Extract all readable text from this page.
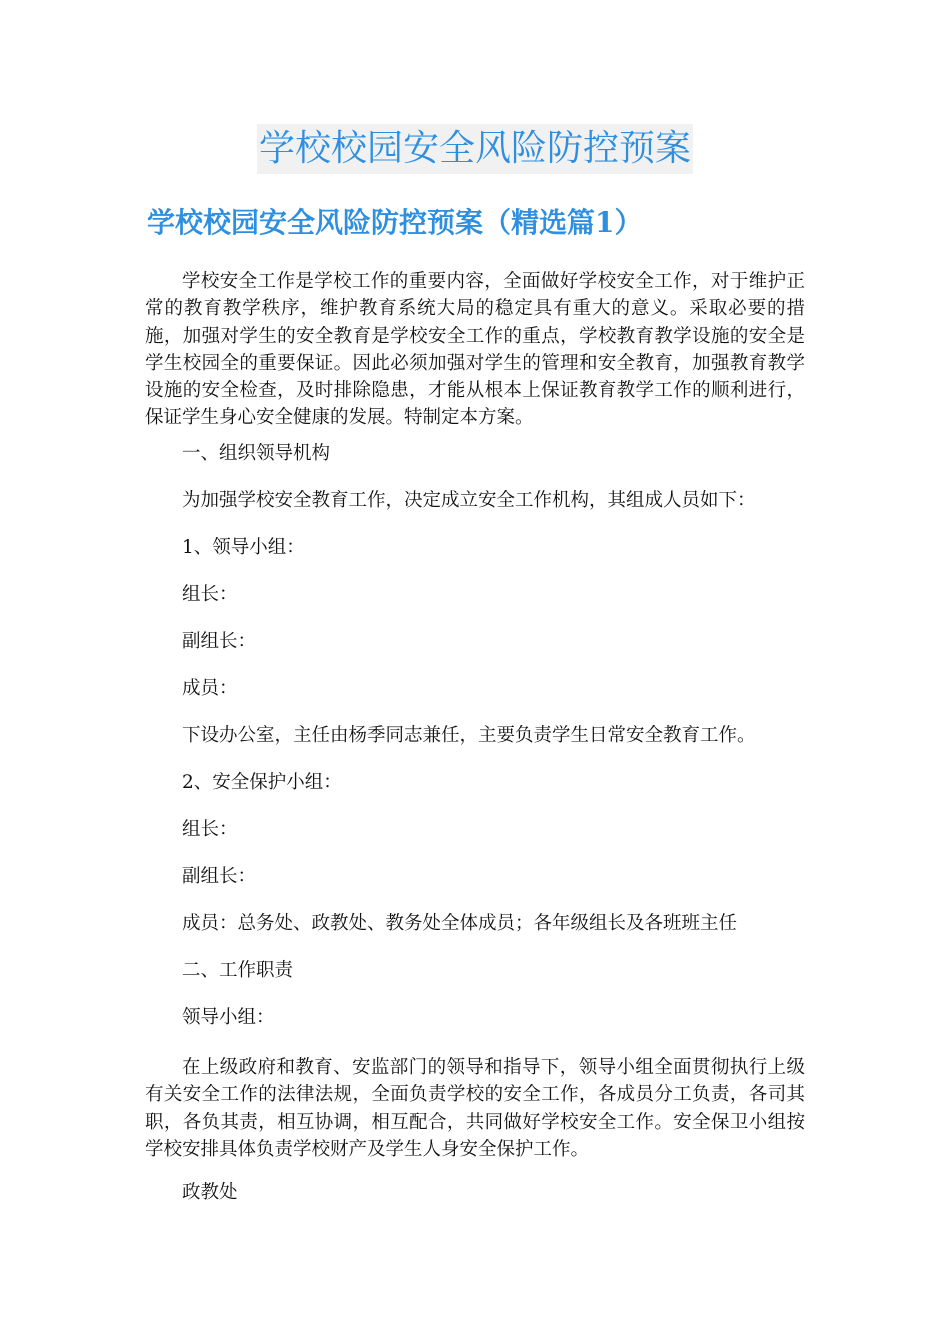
学校校园安全风险防控预案
学校校园安全风险防控预案（精选篇1）
学校安全工作是学校工作的重要内容，全面做好学校安全工作，对于维护正常的教育教学秩序，维护教育系统大局的稳定具有重大的意义。采取必要的措施，加强对学生的安全教育是学校安全工作的重点，学校教育教学设施的安全是学生校园全的重要保证。因此必须加强对学生的管理和安全教育，加强教育教学设施的安全检查，及时排除隐患，才能从根本上保证教育教学工作的顺利进行，保证学生身心安全健康的发展。特制定本方案。
一、组织领导机构
为加强学校安全教育工作，决定成立安全工作机构，其组成人员如下：
1、领导小组：
组长：
副组长：
成员：
下设办公室，主任由杨季同志兼任，主要负责学生日常安全教育工作。
2、安全保护小组：
组长：
副组长：
成员：总务处、政教处、教务处全体成员；各年级组长及各班班主任
二、工作职责
领导小组：
在上级政府和教育、安监部门的领导和指导下，领导小组全面贯彻执行上级有关安全工作的法律法规，全面负责学校的安全工作，各成员分工负责，各司其职，各负其责，相互协调，相互配合，共同做好学校安全工作。安全保卫小组按学校安排具体负责学校财产及学生人身安全保护工作。
政教处
